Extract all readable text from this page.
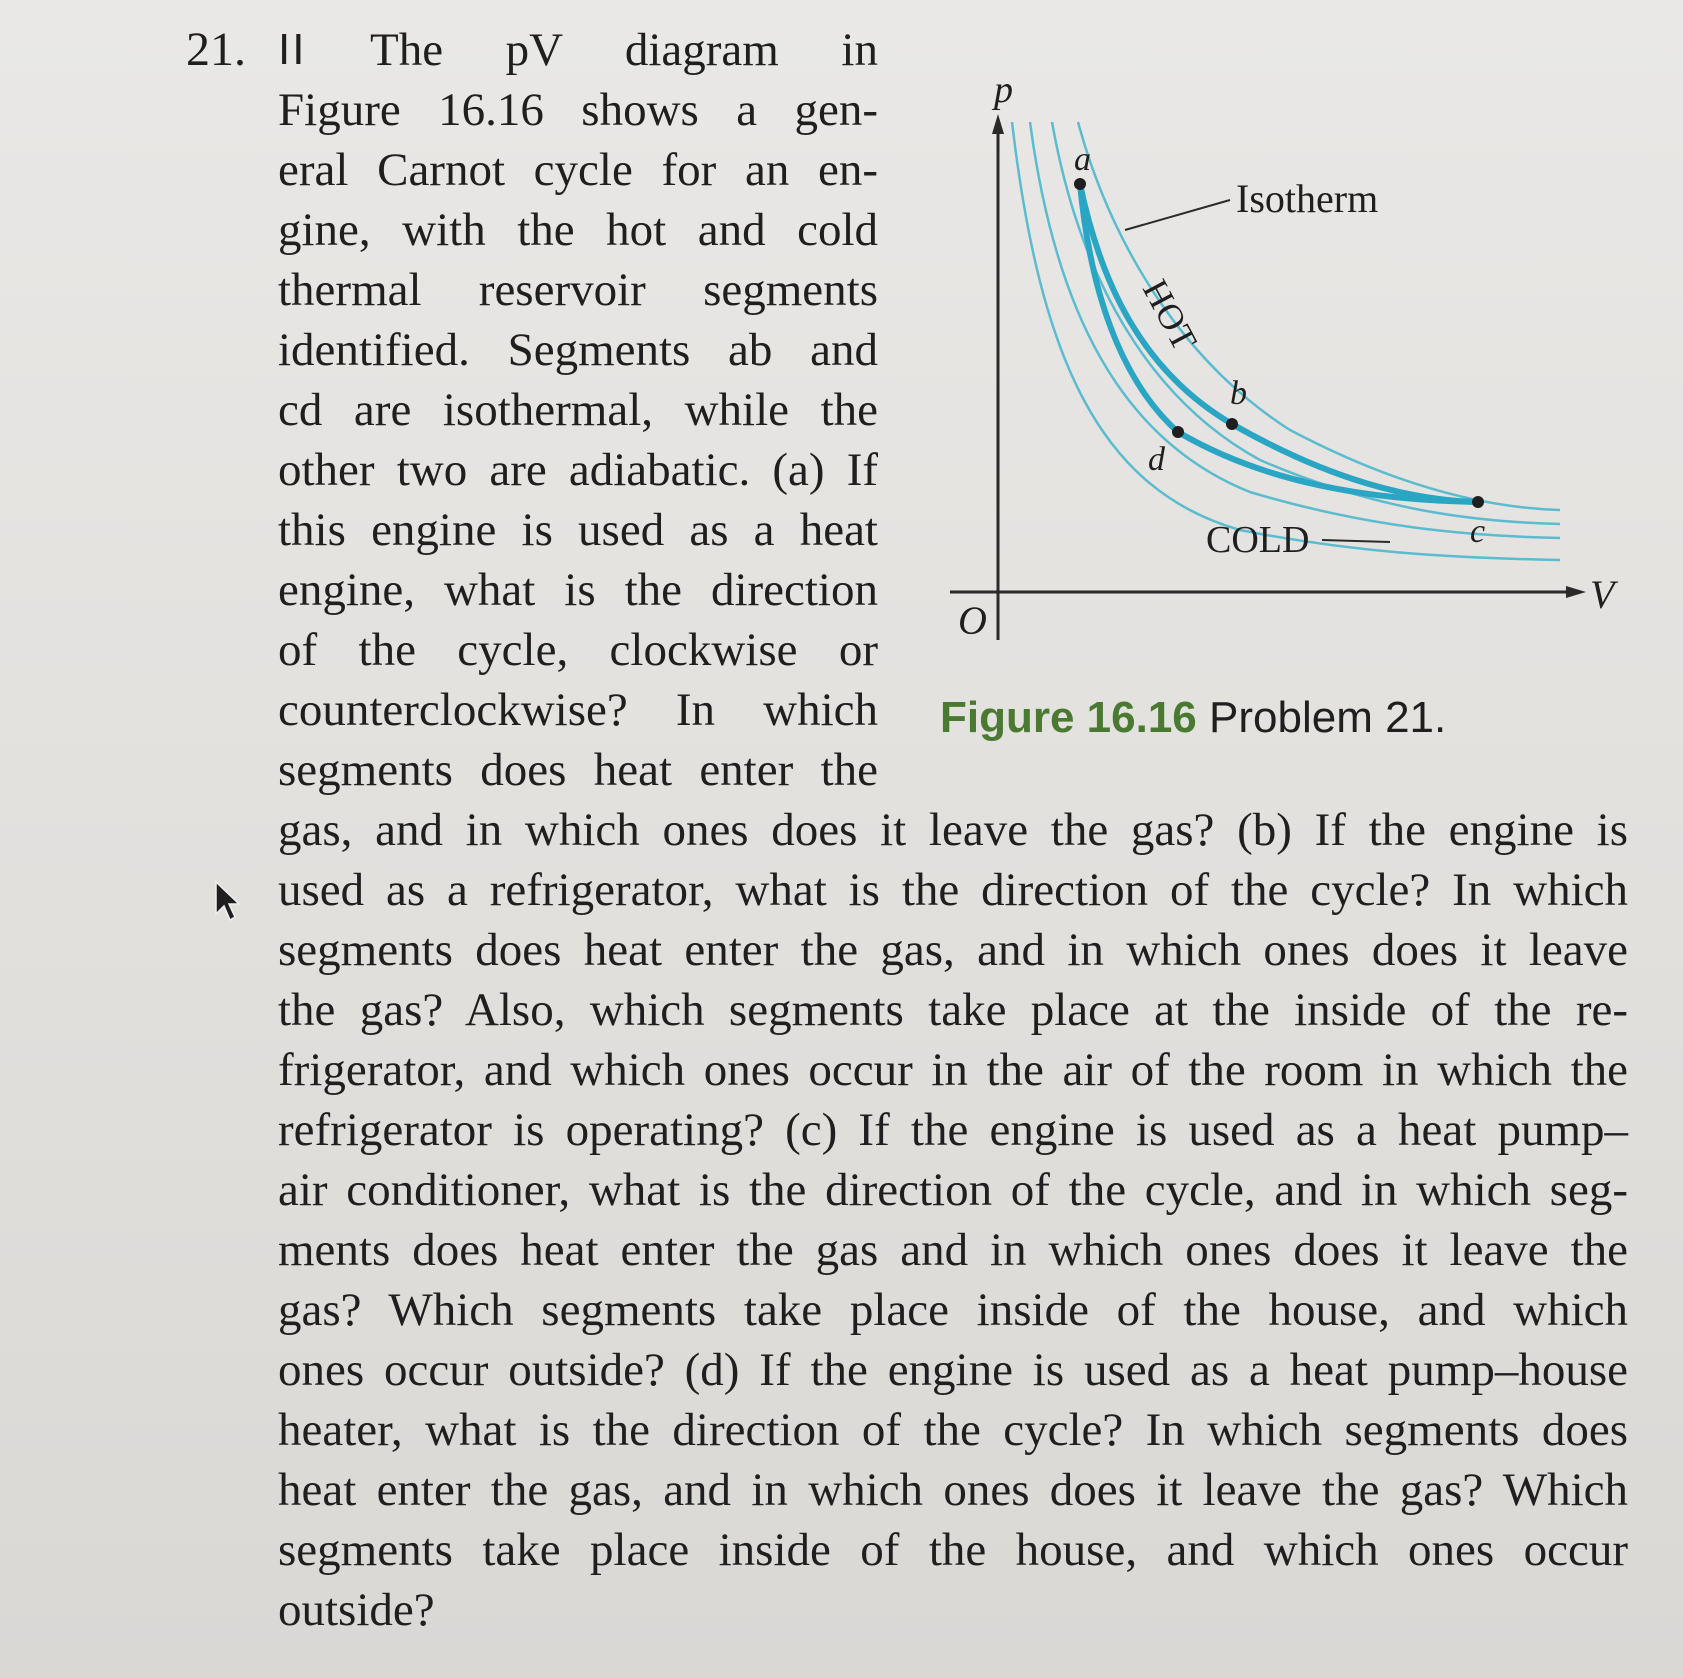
21. II The pV diagram in
Figure 16.16 shows a gen-
eral Carnot cycle for an en-
gine, with the hot and cold
thermal reservoir segments
identified. Segments ab and
cd are isothermal, while the
other two are adiabatic. (a) If
this engine is used as a heat
engine, what is the direction
of the cycle, clockwise or
counterclockwise? In which
segments does heat enter the
gas, and in which ones does it leave the gas? (b) If the engine is
used as a refrigerator, what is the direction of the cycle? In which
segments does heat enter the gas, and in which ones does it leave
the gas? Also, which segments take place at the inside of the re-
frigerator, and which ones occur in the air of the room in which the
refrigerator is operating? (c) If the engine is used as a heat pump–
air conditioner, what is the direction of the cycle, and in which seg-
ments does heat enter the gas and in which ones does it leave the
gas? Which segments take place inside of the house, and which
ones occur outside? (d) If the engine is used as a heat pump–house
heater, what is the direction of the cycle? In which segments does
heat enter the gas, and in which ones does it leave the gas? Which
segments take place inside of the house, and which ones occur
outside?
p
V
O
Isotherm
HOT
COLD
a
b
c
d
Figure 16.16 Problem 21.
